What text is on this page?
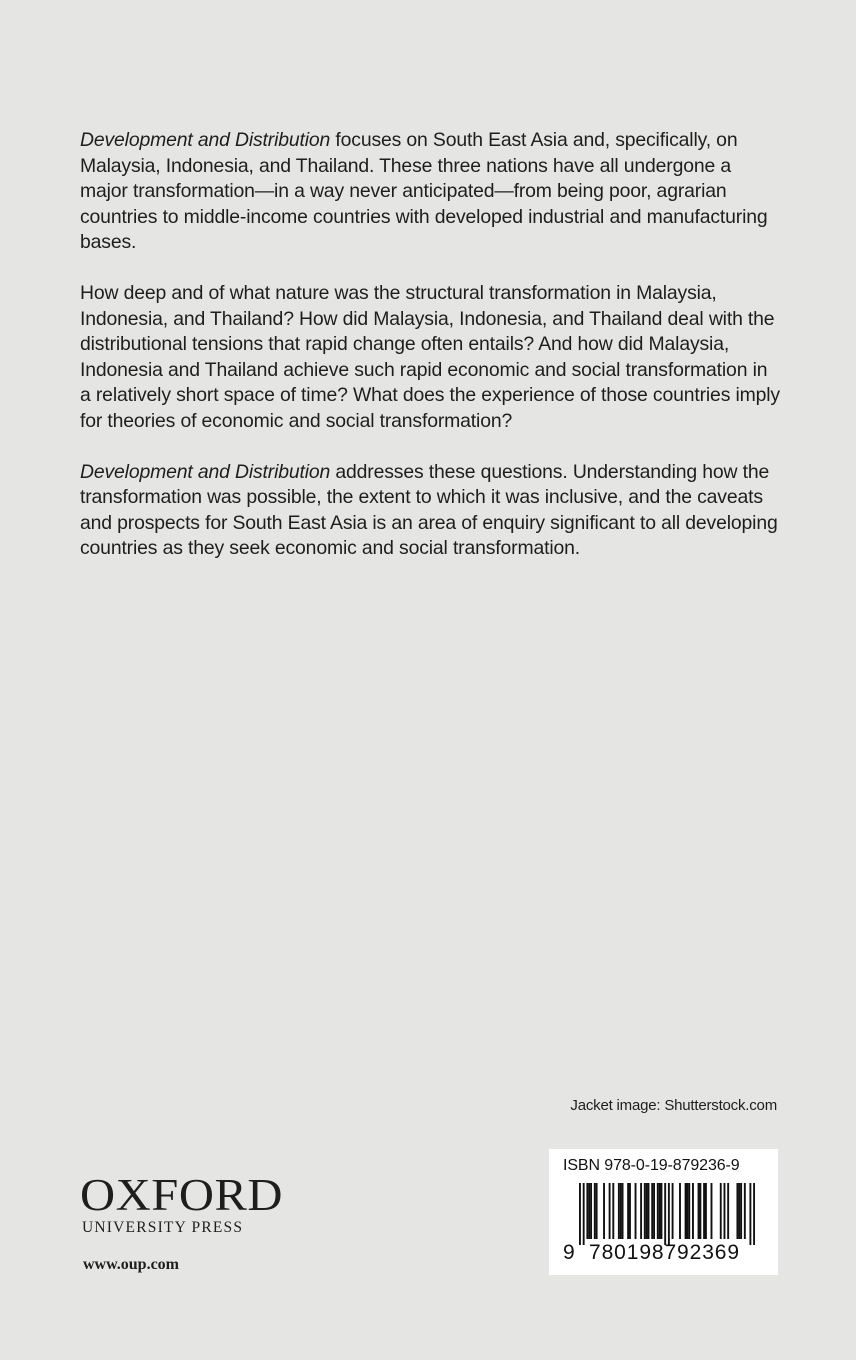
Development and Distribution focuses on South East Asia and, specifically, on Malaysia, Indonesia, and Thailand. These three nations have all undergone a major transformation—in a way never anticipated—from being poor, agrarian countries to middle-income countries with developed industrial and manufacturing bases.

How deep and of what nature was the structural transformation in Malaysia, Indonesia, and Thailand? How did Malaysia, Indonesia, and Thailand deal with the distributional tensions that rapid change often entails? And how did Malaysia, Indonesia and Thailand achieve such rapid economic and social transformation in a relatively short space of time? What does the experience of those countries imply for theories of economic and social transformation?

Development and Distribution addresses these questions. Understanding how the transformation was possible, the extent to which it was inclusive, and the caveats and prospects for South East Asia is an area of enquiry significant to all developing countries as they seek economic and social transformation.

Jacket image: Shutterstock.com
OXFORD
UNIVERSITY PRESS
www.oup.com
ISBN 978-0-19-879236-9
9 780198792369
